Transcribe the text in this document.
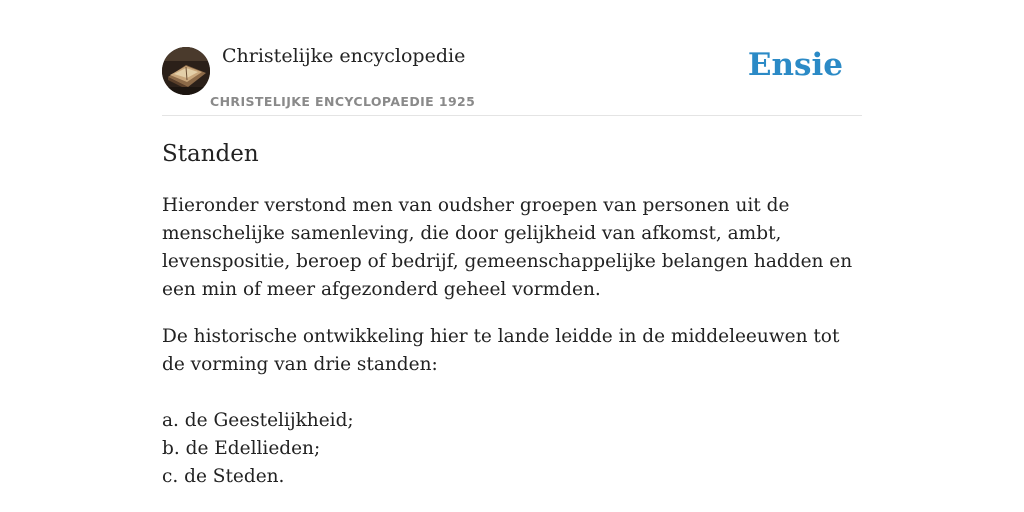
Christelijke encyclopedie
CHRISTELIJKE ENCYCLOPAEDIE 1925
Ensie
Standen

Hieronder verstond men van oudsher groepen van personen uit de menschelijke samenleving, die door gelijkheid van afkomst, ambt, levenspositie, beroep of bedrijf, gemeenschappelijke belangen hadden en een min of meer afgezonderd geheel vormden.

De historische ontwikkeling hier te lande leidde in de middeleeuwen tot de vorming van drie standen:

a. de Geestelijkheid;
b. de Edellieden;
c. de Steden.
